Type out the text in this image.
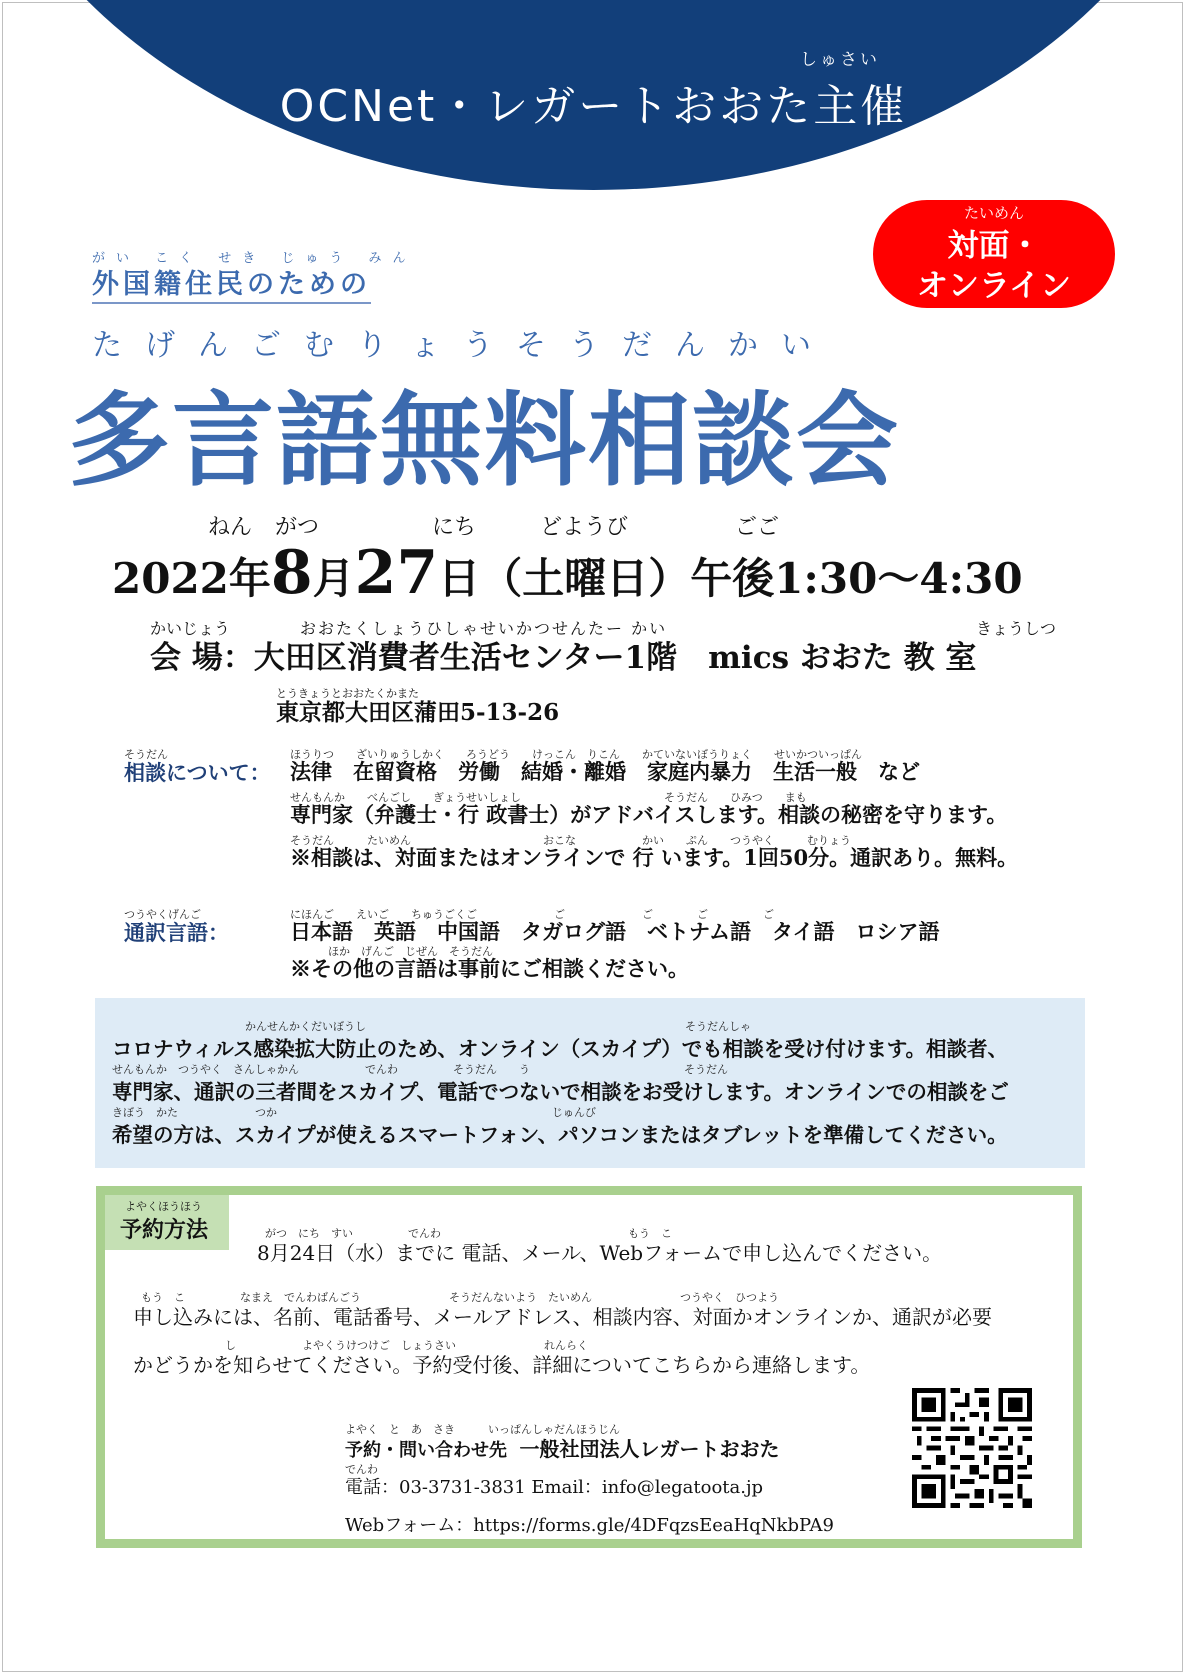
しゅさい
OCNet・レガートおおた主催
たいめん
対面・
オンライン
がい こく せき じゅう みん
外国籍住民のための
たげんごむりょうそうだんかい
多言語無料相談会
ねん がつ	にち	どようび	ごご
2022年8月27日（土曜日）午後1:30～4:30
かいじょう	おおたくしょうひしゃせいかつせんたー かい	きょうしつ
会 場：大田区消費者生活センター1階　mics おおた 教 室
とうきょうとおおたくかまた
東京都大田区蒲田5-13-26
そうだん
相談について：
ほうりつ　　ざいりゅうしかく　　ろうどう　　けっこん　りこん　　かていないぼうりょく　　せいかついっぱん
法律　在留資格　労働　結婚・離婚　家庭内暴力　生活一般　など
せんもんか　　べんごし　　ぎょうせいしょし　　　　　　　　　　　　　そうだん　　ひみつ　　まも
専門家（弁護士・行 政書士）がアドバイスします。相談の秘密を守ります。
そうだん　　　たいめん　　　　　　　　　　　　おこな　　　　　　かい　　ぷん　　つうやく　　　むりょう
※相談は、対面またはオンラインで 行 います。1回50分。通訳あり。無料。
つうやくげんご
通訳言語：
にほんご　　えいご　　ちゅうごくご　　　　　　　ご　　　　　　　ご　　　　ご　　　　　ご
日本語　英語　中国語　タガログ語　ベトナム語　タイ語　ロシア語
ほか　げんご　じぜん　そうだん
※その他の言語は事前にご相談ください。
かんせんかくだいぼうし　　　　　　　　　　　　　　　　　　　　　　　　　　　　　そうだんしゃ
せんもんか　つうやく　さんしゃかん　　　　　　でんわ　　　　　そうだん　　う　　　　　　　　　　　　　　そうだん
きぼう　かた　　　　　　　つか　　　　　　　　　　　　　　　　　　　　　　　　　じゅんび
コロナウィルス感染拡大防止のため、オンライン（スカイプ）でも相談を受け付けます。相談者、
専門家、通訳の三者間をスカイプ、電話でつないで相談をお受けします。オンラインでの相談をご
希望の方は、スカイプが使えるスマートフォン、パソコンまたはタブレットを準備してください。
よやくほうほう
予約方法	がつ　にち　すい　　　　　でんわ　　　　　　　　　　　　　　　　　もう　こ
8月24日（水）までに 電話、メール、Webフォームで申し込んでください。
もう　こ　　　　　なまえ　でんわばんごう　　　　　　　　そうだんないよう　たいめん　　　　　　　　つうやく　ひつよう
申し込みには、名前、電話番号、メールアドレス、相談内容、対面かオンラインか、通訳が必要
し　　　　　　よやくうけつけご　しょうさい　　　　　　　　れんらく
かどうかを知らせてください。予約受付後、詳細についてこちらから連絡します。
よやく　と　あ　さき　　　いっぱんしゃだんほうじん
予約・問い合わせ先 一般社団法人レガートおおた
でんわ
電話：03-3731-3831 Email：info@legatoota.jp
Webフォーム：https://forms.gle/4DFqzsEeaHqNkbPA9
